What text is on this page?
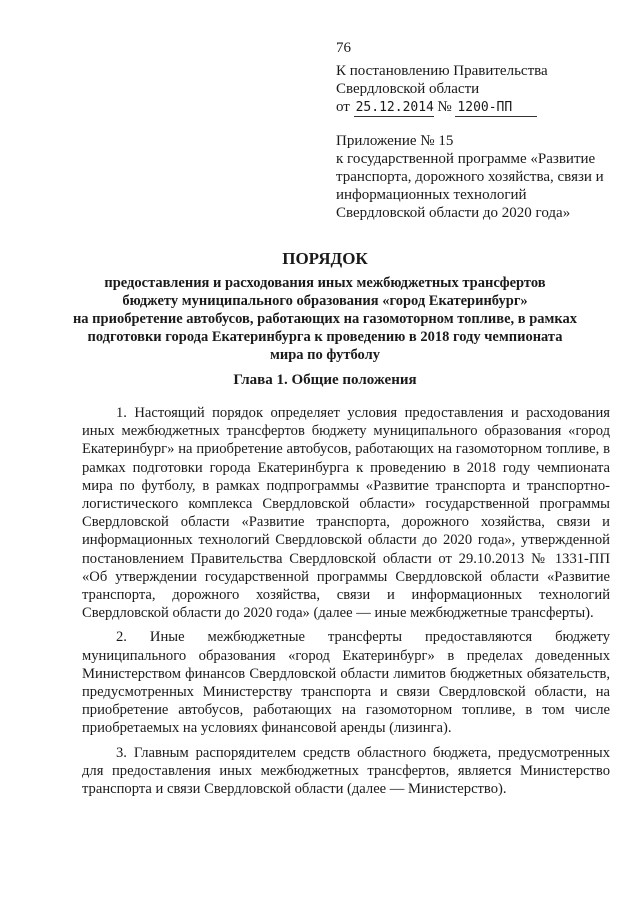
76
К постановлению Правительства
Свердловской области
от 25.12.2014 № 1200-ПП
Приложение № 15
к государственной программе «Развитие
транспорта, дорожного хозяйства, связи и
информационных технологий
Свердловской области до 2020 года»
ПОРЯДОК
предоставления и расходования иных межбюджетных трансфертов
бюджету муниципального образования «город Екатеринбург»
на приобретение автобусов, работающих на газомоторном топливе, в рамках
подготовки города Екатеринбурга к проведению в 2018 году чемпионата
мира по футболу
Глава 1. Общие положения

1. Настоящий порядок определяет условия предоставления и расходования иных межбюджетных трансфертов бюджету муниципального образования «город Екатеринбург» на приобретение автобусов, работающих на газомоторном топливе, в рамках подготовки города Екатеринбурга к проведению в 2018 году чемпионата мира по футболу, в рамках подпрограммы «Развитие транспорта и транспортно-логистического комплекса Свердловской области» государственной программы Свердловской области «Развитие транспорта, дорожного хозяйства, связи и информационных технологий Свердловской области до 2020 года», утвержденной постановлением Правительства Свердловской области от 29.10.2013 № 1331-ПП «Об утверждении государственной программы Свердловской области «Развитие транспорта, дорожного хозяйства, связи и информационных технологий Свердловской области до 2020 года» (далее — иные межбюджетные трансферты).

2. Иные межбюджетные трансферты предоставляются бюджету муниципального образования «город Екатеринбург» в пределах доведенных Министерством финансов Свердловской области лимитов бюджетных обязательств, предусмотренных Министерству транспорта и связи Свердловской области, на приобретение автобусов, работающих на газомоторном топливе, в том числе приобретаемых на условиях финансовой аренды (лизинга).

3. Главным распорядителем средств областного бюджета, предусмотренных для предоставления иных межбюджетных трансфертов, является Министерство транспорта и связи Свердловской области (далее — Министерство).
